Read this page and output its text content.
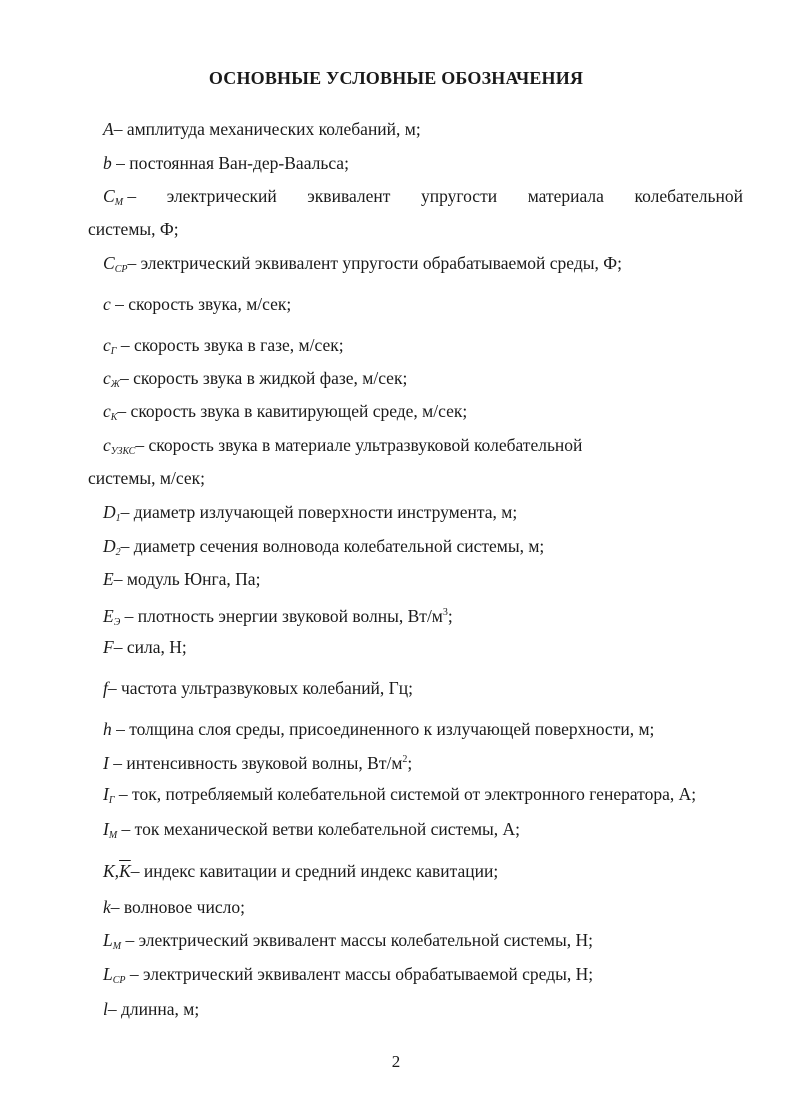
ОСНОВНЫЕ УСЛОВНЫЕ ОБОЗНАЧЕНИЯ
A– амплитуда механических колебаний, м;
b – постоянная Ван-дер-Ваальса;
$C_М$ – электрический эквивалент упругости материала колебательной
системы, Ф;
$C_{СР}-$ электрический эквивалент упругости обрабатываемой среды, Ф;
c – скорость звука, м/сек;
$c_Г$ – скорость звука в газе, м/сек;
$c_Ж-$ скорость звука в жидкой фазе, м/сек;
$c_К-$ скорость звука в кавитирующей среде, м/сек;
$c_{УЗКС}-$ скорость звука в материале ультразвуковой колебательной
системы, м/сек;
$D_1-$ диаметр излучающей поверхности инструмента, м;
$D_2-$ диаметр сечения волновода колебательной системы, м;
E– модуль Юнга, Па;
$E_Э$ – плотность энергии звуковой волны, $Вт/м^3$;
F– сила, Н;
f– частота ультразвуковых колебаний, Гц;
h – толщина слоя среды, присоединенного к излучающей поверхности, м;
I – интенсивность звуковой волны, $Вт/м^2$;
$I_Г$ – ток, потребляемый колебательной системой от электронного генератора, А;
$I_М$ – ток механической ветви колебательной системы, А;
$K,\overline{K}-$ индекс кавитации и средний индекс кавитации;
k– волновое число;
$L_М$ – электрический эквивалент массы колебательной системы, Н;
$L_{СР}$ – электрический эквивалент массы обрабатываемой среды, Н;
l– длинна, м;
2
